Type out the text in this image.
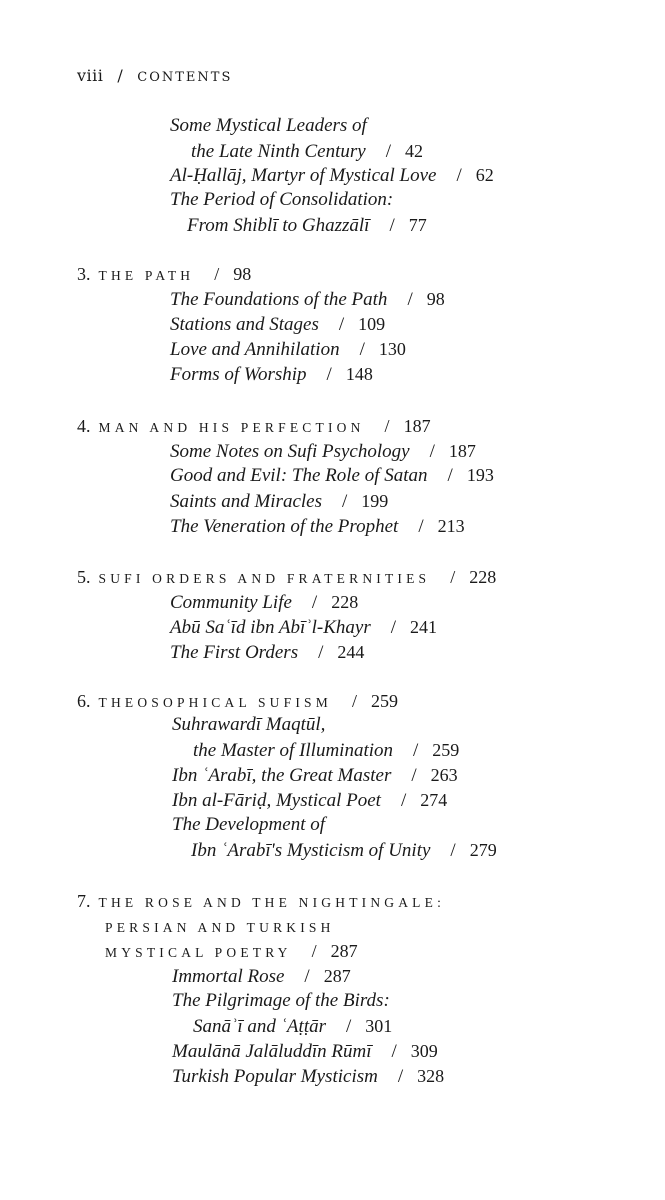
viii / CONTENTS
Some Mystical Leaders of
the Late Ninth Century / 42
Al-Ḥallāj, Martyr of Mystical Love / 62
The Period of Consolidation:
From Shiblī to Ghazzālī / 77
3. THE PATH / 98
The Foundations of the Path / 98
Stations and Stages / 109
Love and Annihilation / 130
Forms of Worship / 148
4. MAN AND HIS PERFECTION / 187
Some Notes on Sufi Psychology / 187
Good and Evil: The Role of Satan / 193
Saints and Miracles / 199
The Veneration of the Prophet / 213
5. SUFI ORDERS AND FRATERNITIES / 228
Community Life / 228
Abū Saʿīd ibn Abīʾl-Khayr / 241
The First Orders / 244
6. THEOSOPHICAL SUFISM / 259
Suhrawardī Maqtūl,
the Master of Illumination / 259
Ibn ʿArabī, the Great Master / 263
Ibn al-Fāriḍ, Mystical Poet / 274
The Development of
Ibn ʿArabī's Mysticism of Unity / 279
7. THE ROSE AND THE NIGHTINGALE:
PERSIAN AND TURKISH
MYSTICAL POETRY / 287
Immortal Rose / 287
The Pilgrimage of the Birds:
Sanāʾī and ʿAṭṭār / 301
Maulānā Jalāluddīn Rūmī / 309
Turkish Popular Mysticism / 328
